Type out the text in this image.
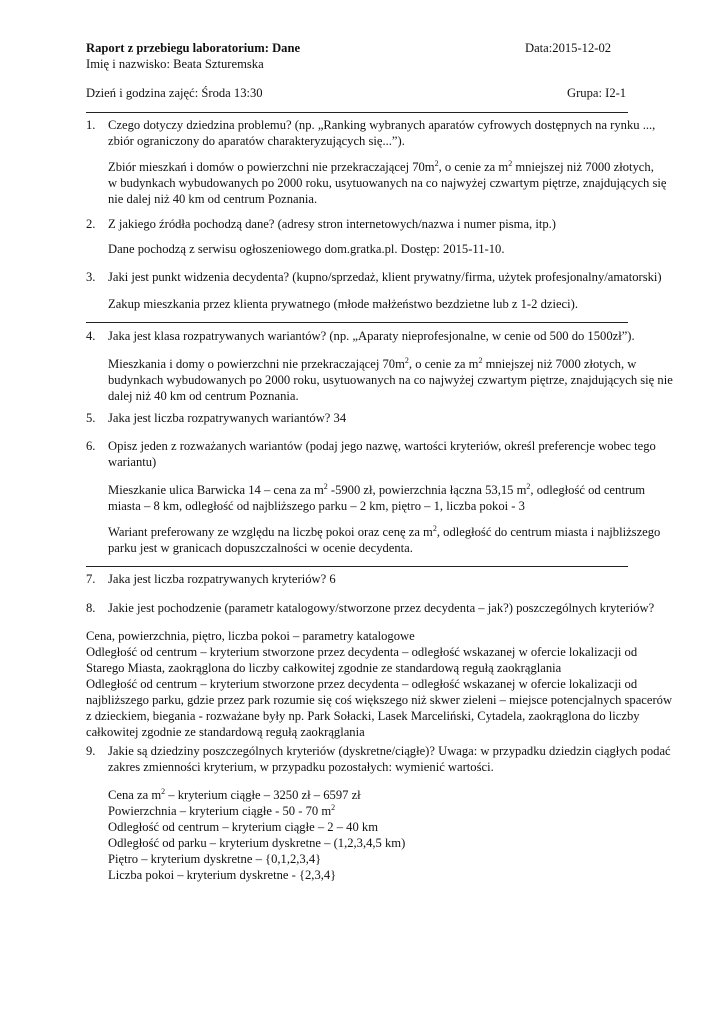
Raport z przebiegu laboratorium: Dane	Data:2015-12-02
Imię i nazwisko: Beata Szturemska
Dzień i godzina zajęć: Środa 13:30	Grupa: I2-1
1. Czego dotyczy dziedzina problemu? (np. „Ranking wybranych aparatów cyfrowych dostępnych na rynku ...,
zbiór ograniczony do aparatów charakteryzujących się...”).
Zbiór mieszkań i domów o powierzchni nie przekraczającej $70m^2$, o cenie za $m^2$ mniejszej niż 7000 złotych,
w budynkach wybudowanych po 2000 roku, usytuowanych na co najwyżej czwartym piętrze, znajdujących się
nie dalej niż 40 km od centrum Poznania.
2. Z jakiego źródła pochodzą dane? (adresy stron internetowych/nazwa i numer pisma, itp.)
Dane pochodzą z serwisu ogłoszeniowego dom.gratka.pl. Dostęp: 2015-11-10.
3. Jaki jest punkt widzenia decydenta? (kupno/sprzedaż, klient prywatny/firma, użytek profesjonalny/amatorski)
Zakup mieszkania przez klienta prywatnego (młode małżeństwo bezdzietne lub z 1-2 dzieci).
4. Jaka jest klasa rozpatrywanych wariantów? (np. „Aparaty nieprofesjonalne, w cenie od 500 do 1500zł”).
Mieszkania i domy o powierzchni nie przekraczającej $70m^2$, o cenie za $m^2$ mniejszej niż 7000 złotych, w
budynkach wybudowanych po 2000 roku, usytuowanych na co najwyżej czwartym piętrze, znajdujących się nie
dalej niż 40 km od centrum Poznania.
5. Jaka jest liczba rozpatrywanych wariantów? 34
6. Opisz jeden z rozważanych wariantów (podaj jego nazwę, wartości kryteriów, określ preferencje wobec tego
wariantu)
Mieszkanie ulica Barwicka 14 – cena za $m^2$ -5900 zł, powierzchnia łączna 53,15 $m^2$, odległość od centrum
miasta – 8 km, odległość od najbliższego parku – 2 km, piętro – 1, liczba pokoi - 3
Wariant preferowany ze względu na liczbę pokoi oraz cenę za $m^2$, odległość do centrum miasta i najbliższego
parku jest w granicach dopuszczalności w ocenie decydenta.
7. Jaka jest liczba rozpatrywanych kryteriów? 6
8. Jakie jest pochodzenie (parametr katalogowy/stworzone przez decydenta – jak?) poszczególnych kryteriów?
Cena, powierzchnia, piętro, liczba pokoi – parametry katalogowe
Odległość od centrum – kryterium stworzone przez decydenta – odległość wskazanej w ofercie lokalizacji od
Starego Miasta, zaokrąglona do liczby całkowitej zgodnie ze standardową regułą zaokrąglania
Odległość od centrum – kryterium stworzone przez decydenta – odległość wskazanej w ofercie lokalizacji od
najbliższego parku, gdzie przez park rozumie się coś większego niż skwer zieleni – miejsce potencjalnych spacerów
z dzieckiem, biegania - rozważane były np. Park Sołacki, Lasek Marceliński, Cytadela, zaokrąglona do liczby
całkowitej zgodnie ze standardową regułą zaokrąglania
9. Jakie są dziedziny poszczególnych kryteriów (dyskretne/ciągłe)? Uwaga: w przypadku dziedzin ciągłych podać
zakres zmienności kryterium, w przypadku pozostałych: wymienić wartości.
Cena za $m^2$ – kryterium ciągłe – 3250 zł – 6597 zł
Powierzchnia – kryterium ciągłe - 50 - 70 $m^2$
Odległość od centrum – kryterium ciągłe – 2 – 40 km
Odległość od parku – kryterium dyskretne – (1,2,3,4,5 km)
Piętro – kryterium dyskretne – {0,1,2,3,4}
Liczba pokoi – kryterium dyskretne - {2,3,4}
